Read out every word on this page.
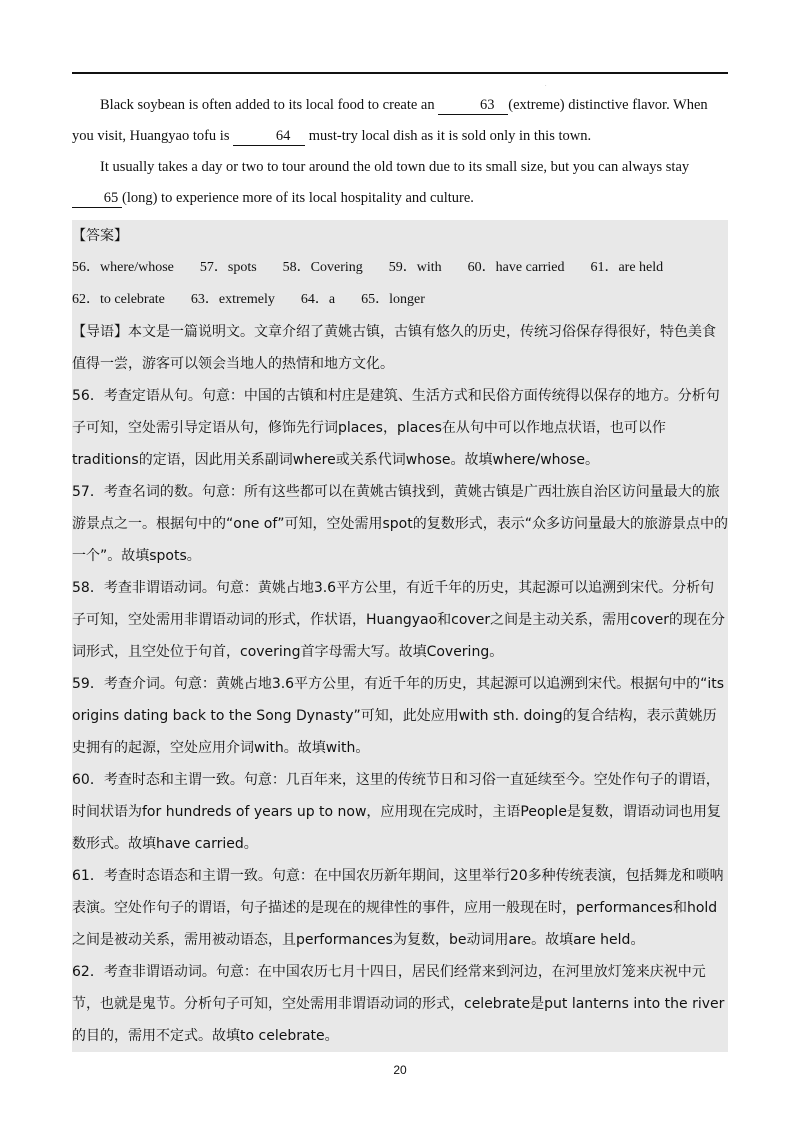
.

Black soybean is often added to its local food to create an	63 (extreme) distinctive flavor. When you visit, Huangyao tofu is	64 must-try local dish as it is sold only in this town.

It usually takes a day or two to tour around the old town due to its small size, but you can always stay 65 (long) to experience more of its local hospitality and culture.

【答案】

56．where/whose 57．spots 58．Covering 59．with 60．have carried 61．are held

62．to celebrate 63．extremely 64．a 65．longer

【导语】本文是一篇说明文。文章介绍了黄姚古镇，古镇有悠久的历史，传统习俗保存得很好，特色美食值得一尝，游客可以领会当地人的热情和地方文化。

56．考查定语从句。句意：中国的古镇和村庄是建筑、生活方式和民俗方面传统得以保存的地方。分析句子可知，空处需引导定语从句，修饰先行词places，places在从句中可以作地点状语，也可以作traditions的定语，因此用关系副词where或关系代词whose。故填where/whose。

57．考查名词的数。句意：所有这些都可以在黄姚古镇找到，黄姚古镇是广西壮族自治区访问量最大的旅游景点之一。根据句中的“one of”可知，空处需用spot的复数形式，表示“众多访问量最大的旅游景点中的一个”。故填spots。

58．考查非谓语动词。句意：黄姚占地3.6平方公里，有近千年的历史，其起源可以追溯到宋代。分析句子可知，空处需用非谓语动词的形式，作状语，Huangyao和cover之间是主动关系，需用cover的现在分词形式，且空处位于句首，covering首字母需大写。故填Covering。

59．考查介词。句意：黄姚占地3.6平方公里，有近千年的历史，其起源可以追溯到宋代。根据句中的“its origins dating back to the Song Dynasty”可知，此处应用with sth. doing的复合结构，表示黄姚历史拥有的起源，空处应用介词with。故填with。

60．考查时态和主谓一致。句意：几百年来，这里的传统节日和习俗一直延续至今。空处作句子的谓语，时间状语为for hundreds of years up to now，应用现在完成时，主语People是复数，谓语动词也用复数形式。故填have carried。

61．考查时态语态和主谓一致。句意：在中国农历新年期间，这里举行20多种传统表演，包括舞龙和唢呐表演。空处作句子的谓语，句子描述的是现在的规律性的事件，应用一般现在时，performances和hold之间是被动关系，需用被动语态，且performances为复数，be动词用are。故填are held。

62．考查非谓语动词。句意：在中国农历七月十四日，居民们经常来到河边，在河里放灯笼来庆祝中元节，也就是鬼节。分析句子可知，空处需用非谓语动词的形式，celebrate是put lanterns into the river的目的，需用不定式。故填to celebrate。

20
